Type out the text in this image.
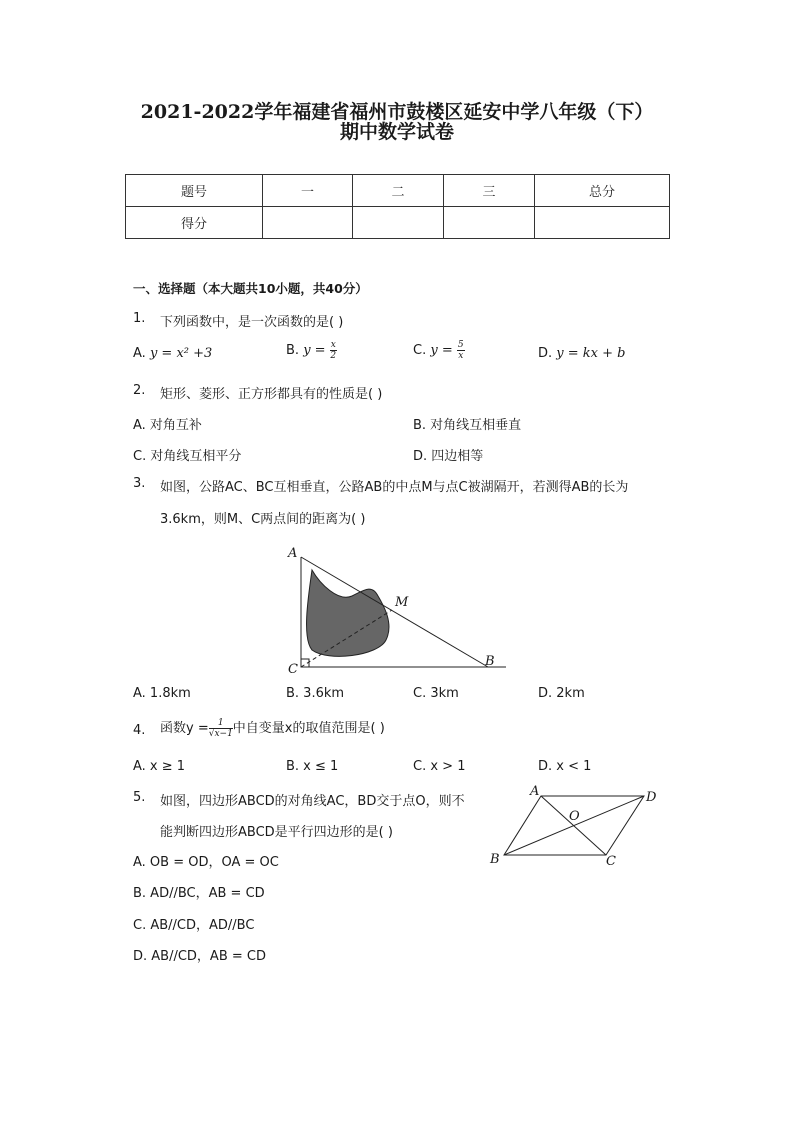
2021-2022学年福建省福州市鼓楼区延安中学八年级（下）
期中数学试卷
题号	一	二	三	总分
得分				
一、选择题（本大题共10小题，共40分）
1. 下列函数中，是一次函数的是( )
A. y = x² +3	B. $y = \frac{x}{2}$	C. $y = \frac{5}{x}$	D. y = kx + b
2. 矩形、菱形、正方形都具有的性质是( )
A. 对角互补	B. 对角线互相垂直
C. 对角线互相平分	D. 四边相等
3. 如图，公路AC、BC互相垂直，公路AB的中点M与点C被湖隔开，若测得AB的长为
3.6km，则M、C两点间的距离为( )
A
C
B
M
A. 1.8km	B. 3.6km	C. 3km	D. 2km
4. 函数$y = \frac{1}{√x-1}$ 中自变量x的取值范围是( )
A. x ≥ 1	B. x ≤ 1	C. x > 1	D. x < 1
5. 如图，四边形ABCD的对角线AC，BD交于点O，则不
能判断四边形ABCD是平行四边形的是( )
A	D
B	C
O
A. OB = OD，OA = OC
B. AD//BC，AB = CD
C. AB//CD，AD//BC
D. AB//CD，AB = CD
